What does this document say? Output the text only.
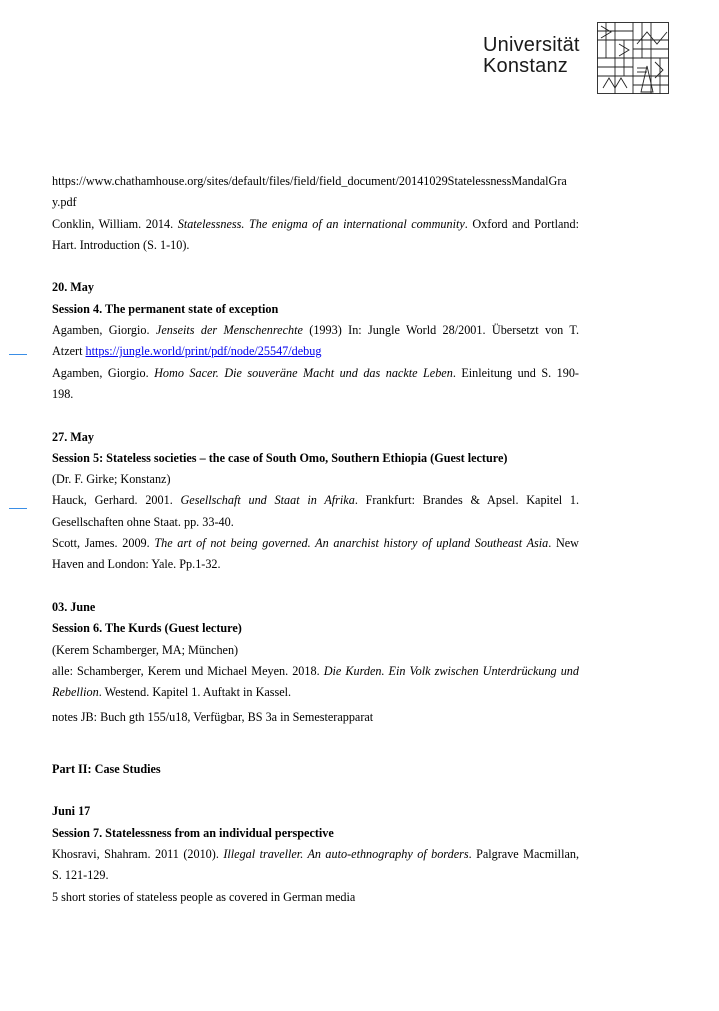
Universität
Konstanz

https://www.chathamhouse.org/sites/default/files/field/field_document/20141029StatelessnessMandalGra

y.pdf

Conklin, William. 2014. Statelessness. The enigma of an international community. Oxford and Portland:

Hart. Introduction (S. 1-10).

20. May

Session 4. The permanent state of exception

Agamben, Giorgio. Jenseits der Menschenrechte (1993) In: Jungle World 28/2001. Übersetzt von T.

Atzert https://jungle.world/print/pdf/node/25547/debug

Agamben, Giorgio. Homo Sacer. Die souveräne Macht und das nackte Leben. Einleitung und S. 190-

198.

27. May

Session 5: Stateless societies – the case of South Omo, Southern Ethiopia (Guest lecture)

(Dr. F. Girke; Konstanz)

Hauck, Gerhard. 2001. Gesellschaft und Staat in Afrika. Frankfurt: Brandes & Apsel. Kapitel 1.

Gesellschaften ohne Staat. pp. 33-40.

Scott, James. 2009. The art of not being governed. An anarchist history of upland Southeast Asia. New

Haven and London: Yale. Pp.1-32.

03. June

Session 6. The Kurds (Guest lecture)

(Kerem Schamberger, MA; München)

alle: Schamberger, Kerem und Michael Meyen. 2018. Die Kurden. Ein Volk zwischen Unterdrückung und

Rebellion. Westend. Kapitel 1. Auftakt in Kassel.

notes JB: Buch gth 155/u18, Verfügbar, BS 3a in Semesterapparat

Part II: Case Studies

Juni 17

Session 7. Statelessness from an individual perspective

Khosravi, Shahram. 2011 (2010). Illegal traveller. An auto-ethnography of borders. Palgrave Macmillan,

S. 121-129.

5 short stories of stateless people as covered in German media
